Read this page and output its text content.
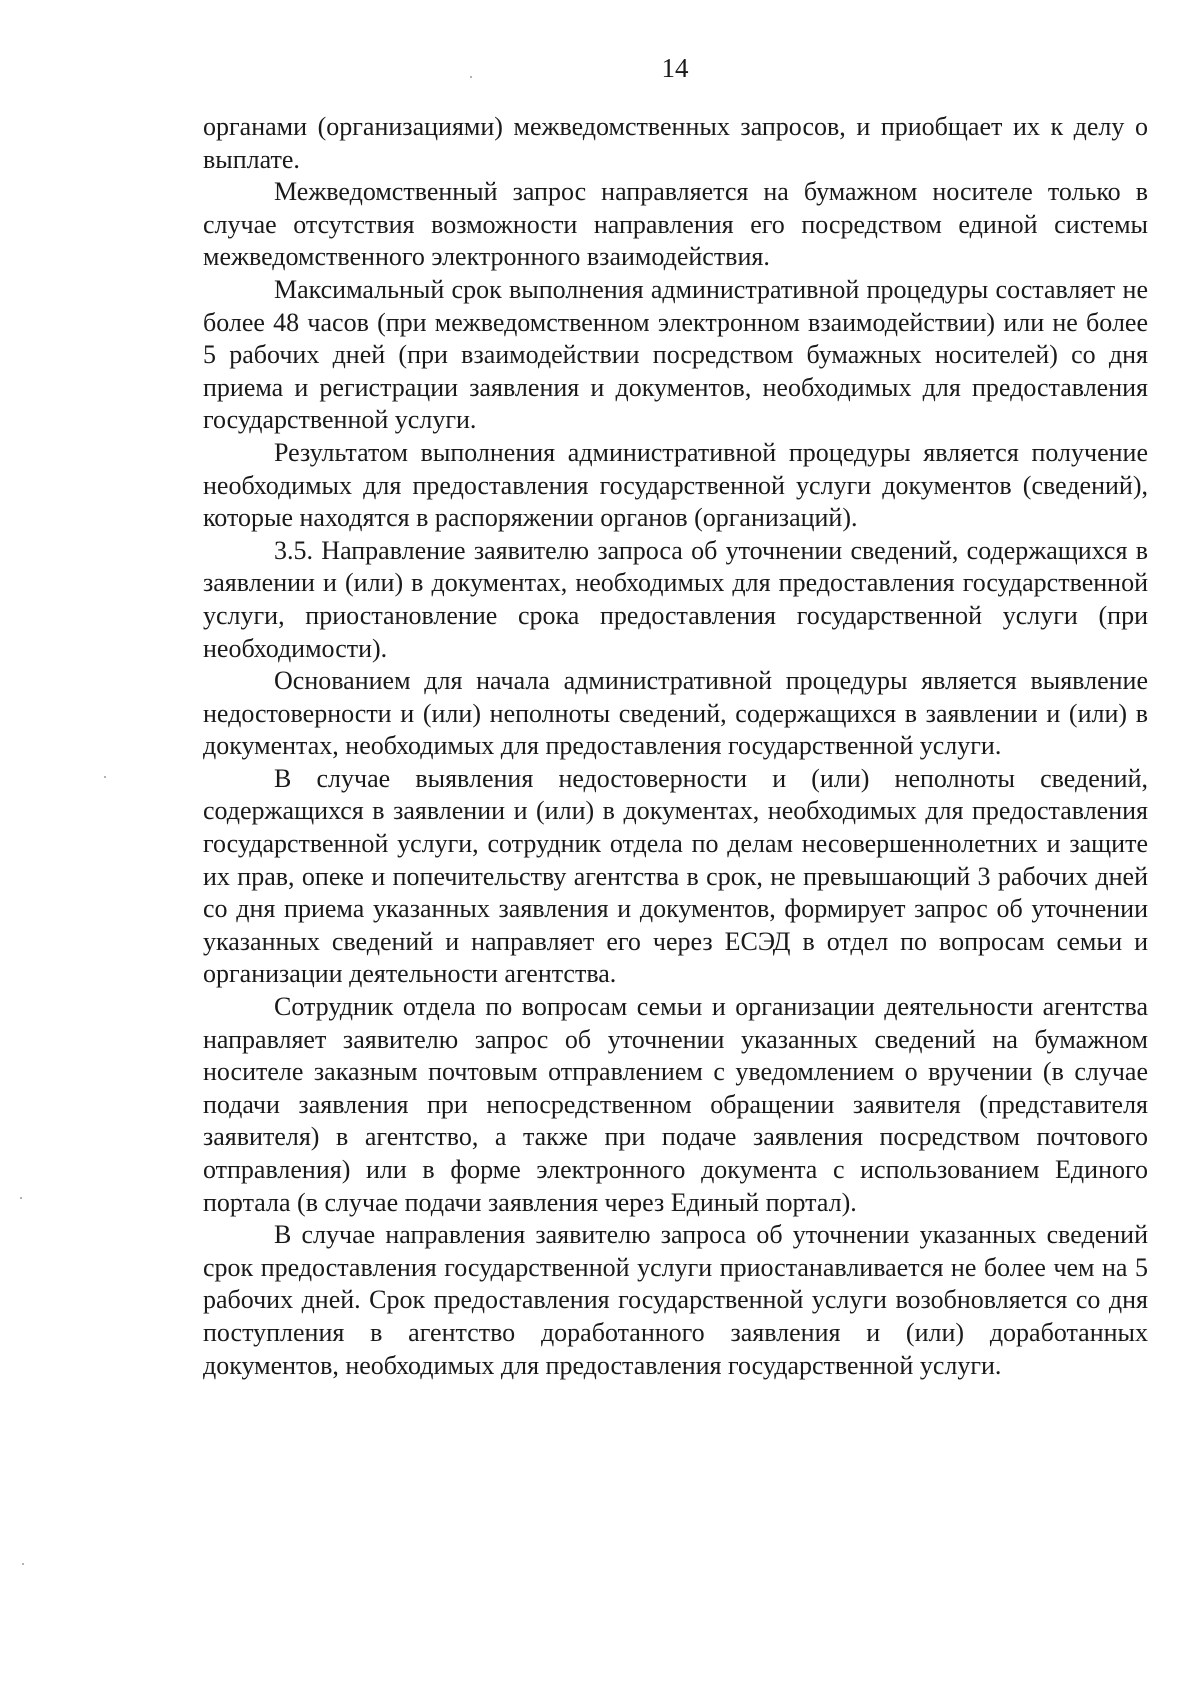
14

органами (организациями) межведомственных запросов, и приобщает их к делу о выплате.

Межведомственный запрос направляется на бумажном носителе только в случае отсутствия возможности направления его посредством единой системы межведомственного электронного взаимодействия.

Максимальный срок выполнения административной процедуры составляет не более 48 часов (при межведомственном электронном взаимодействии) или не более 5 рабочих дней (при взаимодействии посредством бумажных носителей) со дня приема и регистрации заявления и документов, необходимых для предоставления государственной услуги.

Результатом выполнения административной процедуры является получение необходимых для предоставления государственной услуги документов (сведений), которые находятся в распоряжении органов (организаций).

3.5. Направление заявителю запроса об уточнении сведений, содержащихся в заявлении и (или) в документах, необходимых для предоставления государственной услуги, приостановление срока предоставления государственной услуги (при необходимости).

Основанием для начала административной процедуры является выявление недостоверности и (или) неполноты сведений, содержащихся в заявлении и (или) в документах, необходимых для предоставления государственной услуги.

В случае выявления недостоверности и (или) неполноты сведений, содержащихся в заявлении и (или) в документах, необходимых для предоставления государственной услуги, сотрудник отдела по делам несовершеннолетних и защите их прав, опеке и попечительству агентства в срок, не превышающий 3 рабочих дней со дня приема указанных заявления и документов, формирует запрос об уточнении указанных сведений и направляет его через ЕСЭД в отдел по вопросам семьи и организации деятельности агентства.

Сотрудник отдела по вопросам семьи и организации деятельности агентства направляет заявителю запрос об уточнении указанных сведений на бумажном носителе заказным почтовым отправлением с уведомлением о вручении (в случае подачи заявления при непосредственном обращении заявителя (представителя заявителя) в агентство, а также при подаче заявления посредством почтового отправления) или в форме электронного документа с использованием Единого портала (в случае подачи заявления через Единый портал).

В случае направления заявителю запроса об уточнении указанных сведений срок предоставления государственной услуги приостанавливается не более чем на 5 рабочих дней. Срок предоставления государственной услуги возобновляется со дня поступления в агентство доработанного заявления и (или) доработанных документов, необходимых для предоставления государственной услуги.
